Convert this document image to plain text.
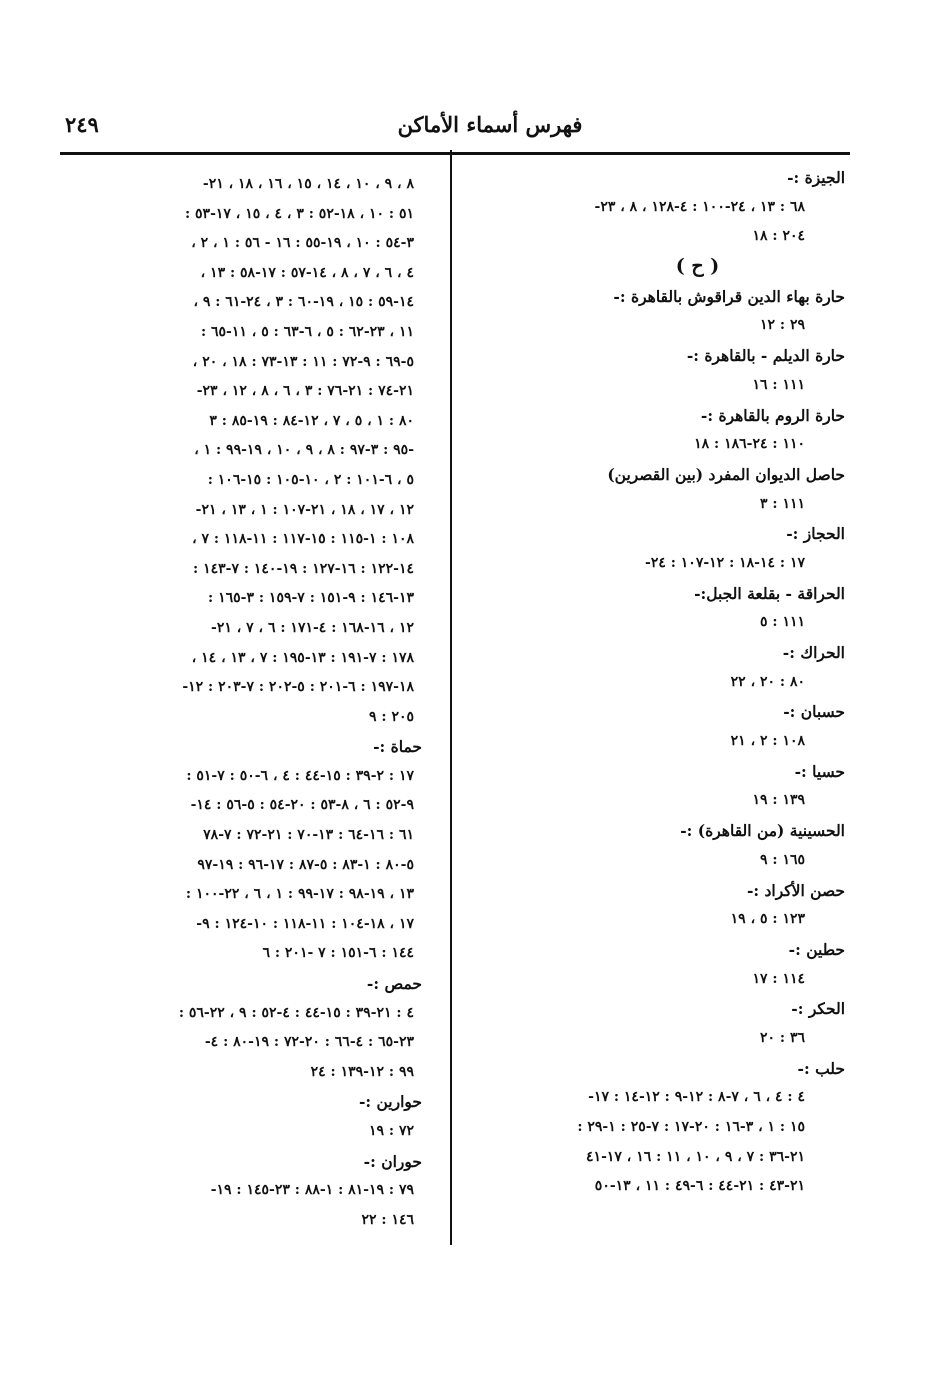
٢٤٩	فهرس أسماء الأماكن
الجيزة :-
٦٨ : ١٣ ، ٢٤-١٠٠ : ٤-١٢٨ ، ٨ ، ٢٣-
٢٠٤ : ١٨
( ح )
حارة بهاء الدين قراقوش بالقاهرة :-
٢٩ : ١٢
حارة الديلم - بالقاهرة :-
١١١ : ١٦
حارة الروم بالقاهرة :-
١١٠ : ٢٤-١٨٦ : ١٨
حاصل الديوان المفرد (بين القصرين)
١١١ : ٣
الحجاز :-
١٧ : ١٤-١٨ : ١٢-١٠٧ : ٢٤-
الحراقة - بقلعة الجبل:-
١١١ : ٥
الحراك :-
٨٠ : ٢٠ ، ٢٢
حسبان :-
١٠٨ : ٢ ، ٢١
حسيا :-
١٣٩ : ١٩
الحسينية (من القاهرة) :-
١٦٥ : ٩
حصن الأكراد :-
١٢٣ : ٥ ، ١٩
حطين :-
١١٤ : ١٧
الحكر :-
٣٦ : ٢٠
حلب :-
٤ : ٤ ، ٦ ، ٧-٨ : ١٢-٩ : ١٢-١٤ : ١٧-
١٥ : ١ ، ٣-١٦ : ٢٠-١٧ : ٧-٢٥ : ١-٢٩ :
٢١-٣٦ : ٧ ، ٩ ، ١٠ ، ١١ : ١٦ ، ١٧-٤١
٢١-٤٣ : ٢١-٤٤ : ٦-٤٩ : ١١ ، ١٣-٥٠
٨ ، ٩ ، ١٠ ، ١٤ ، ١٥ ، ١٦ ، ١٨ ، ٢١-
٥١ : ١٠ ، ١٨-٥٢ : ٣ ، ٤ ، ١٥ ، ١٧-٥٣ :
٣-٥٤ : ١٠ ، ١٩-٥٥ : ١٦ - ٥٦ : ١ ، ٢ ،
٤ ، ٦ ، ٧ ، ٨ ، ١٤-٥٧ : ١٧-٥٨ : ١٣ ،
١٤-٥٩ : ١٥ ، ١٩-٦٠ : ٣ ، ٢٤-٦١ : ٩ ،
١١ ، ٢٣-٦٢ : ٥ ، ٦-٦٣ : ٥ ، ١١-٦٥ :
٥-٦٩ : ٩-٧٢ : ١١ : ١٣-٧٣ : ١٨ ، ٢٠ ،
٢١-٧٤ : ٢١-٧٦ : ٣ ، ٦ ، ٨ ، ١٢ ، ٢٣-
٨٠ : ١ ، ٥ ، ٧ ، ١٢-٨٤ : ١٩-٨٥ : ٣
-٩٥ : ٣-٩٧ : ٨ ، ٩ ، ١٠ ، ١٩-٩٩ : ١ ،
٥ ، ٦-١٠١ : ٢ ، ١٠-١٠٥ : ١٥-١٠٦ :
١٢ ، ١٧ ، ١٨ ، ٢١-١٠٧ : ١ ، ١٣ ، ٢١-
١٠٨ : ١-١١٥ : ١٥-١١٧ : ١١-١١٨ : ٧ ،
١٤-١٢٢ : ١٦-١٢٧ : ١٩-١٤٠ : ٧-١٤٣ :
١٣-١٤٦ : ٩-١٥١ : ٧-١٥٩ : ٣-١٦٥ :
١٢ ، ١٦-١٦٨ : ٤-١٧١ : ٦ ، ٧ ، ٢١-
١٧٨ : ٧-١٩١ : ١٣-١٩٥ : ٧ ، ١٣ ، ١٤ ،
١٨-١٩٧ : ٦-٢٠١ : ٥-٢٠٢ : ٧-٢٠٣ : ١٢-
٢٠٥ : ٩
حماة :-
١٧ : ٢-٣٩ : ١٥-٤٤ : ٤ ، ٦-٥٠ : ٧-٥١ :
٩-٥٢ : ٦ ، ٨-٥٣ : ٢٠-٥٤ : ٥-٥٦ : ١٤-
٦١ : ١٦-٦٤ : ١٣-٧٠ : ٢١-٧٢ : ٧-٧٨
٥-٨٠ : ١-٨٣ : ٥-٨٧ : ١٧-٩٦ : ١٩-٩٧
١٣ ، ١٩-٩٨ : ١٧-٩٩ : ١ ، ٦ ، ٢٢-١٠٠ :
١٧ ، ١٨-١٠٤ : ١١-١١٨ : ١٠-١٢٤ : ٩-
١٤٤ : ٦-١٥١ : ٧ -٢٠١ : ٦
حمص :-
٤ : ٢١-٣٩ : ١٥-٤٤ : ٤-٥٢ : ٩ ، ٢٢-٥٦ :
٢٣-٦٥ : ٤-٦٦ : ٢٠-٧٢ : ١٩-٨٠ : ٤-
٩٩ : ١٢-١٣٩ : ٢٤
حوارين :-
٧٢ : ١٩
حوران :-
٧٩ : ١٩-٨١ : ١-٨٨ : ٢٣-١٤٥ : ١٩-
١٤٦ : ٢٢
